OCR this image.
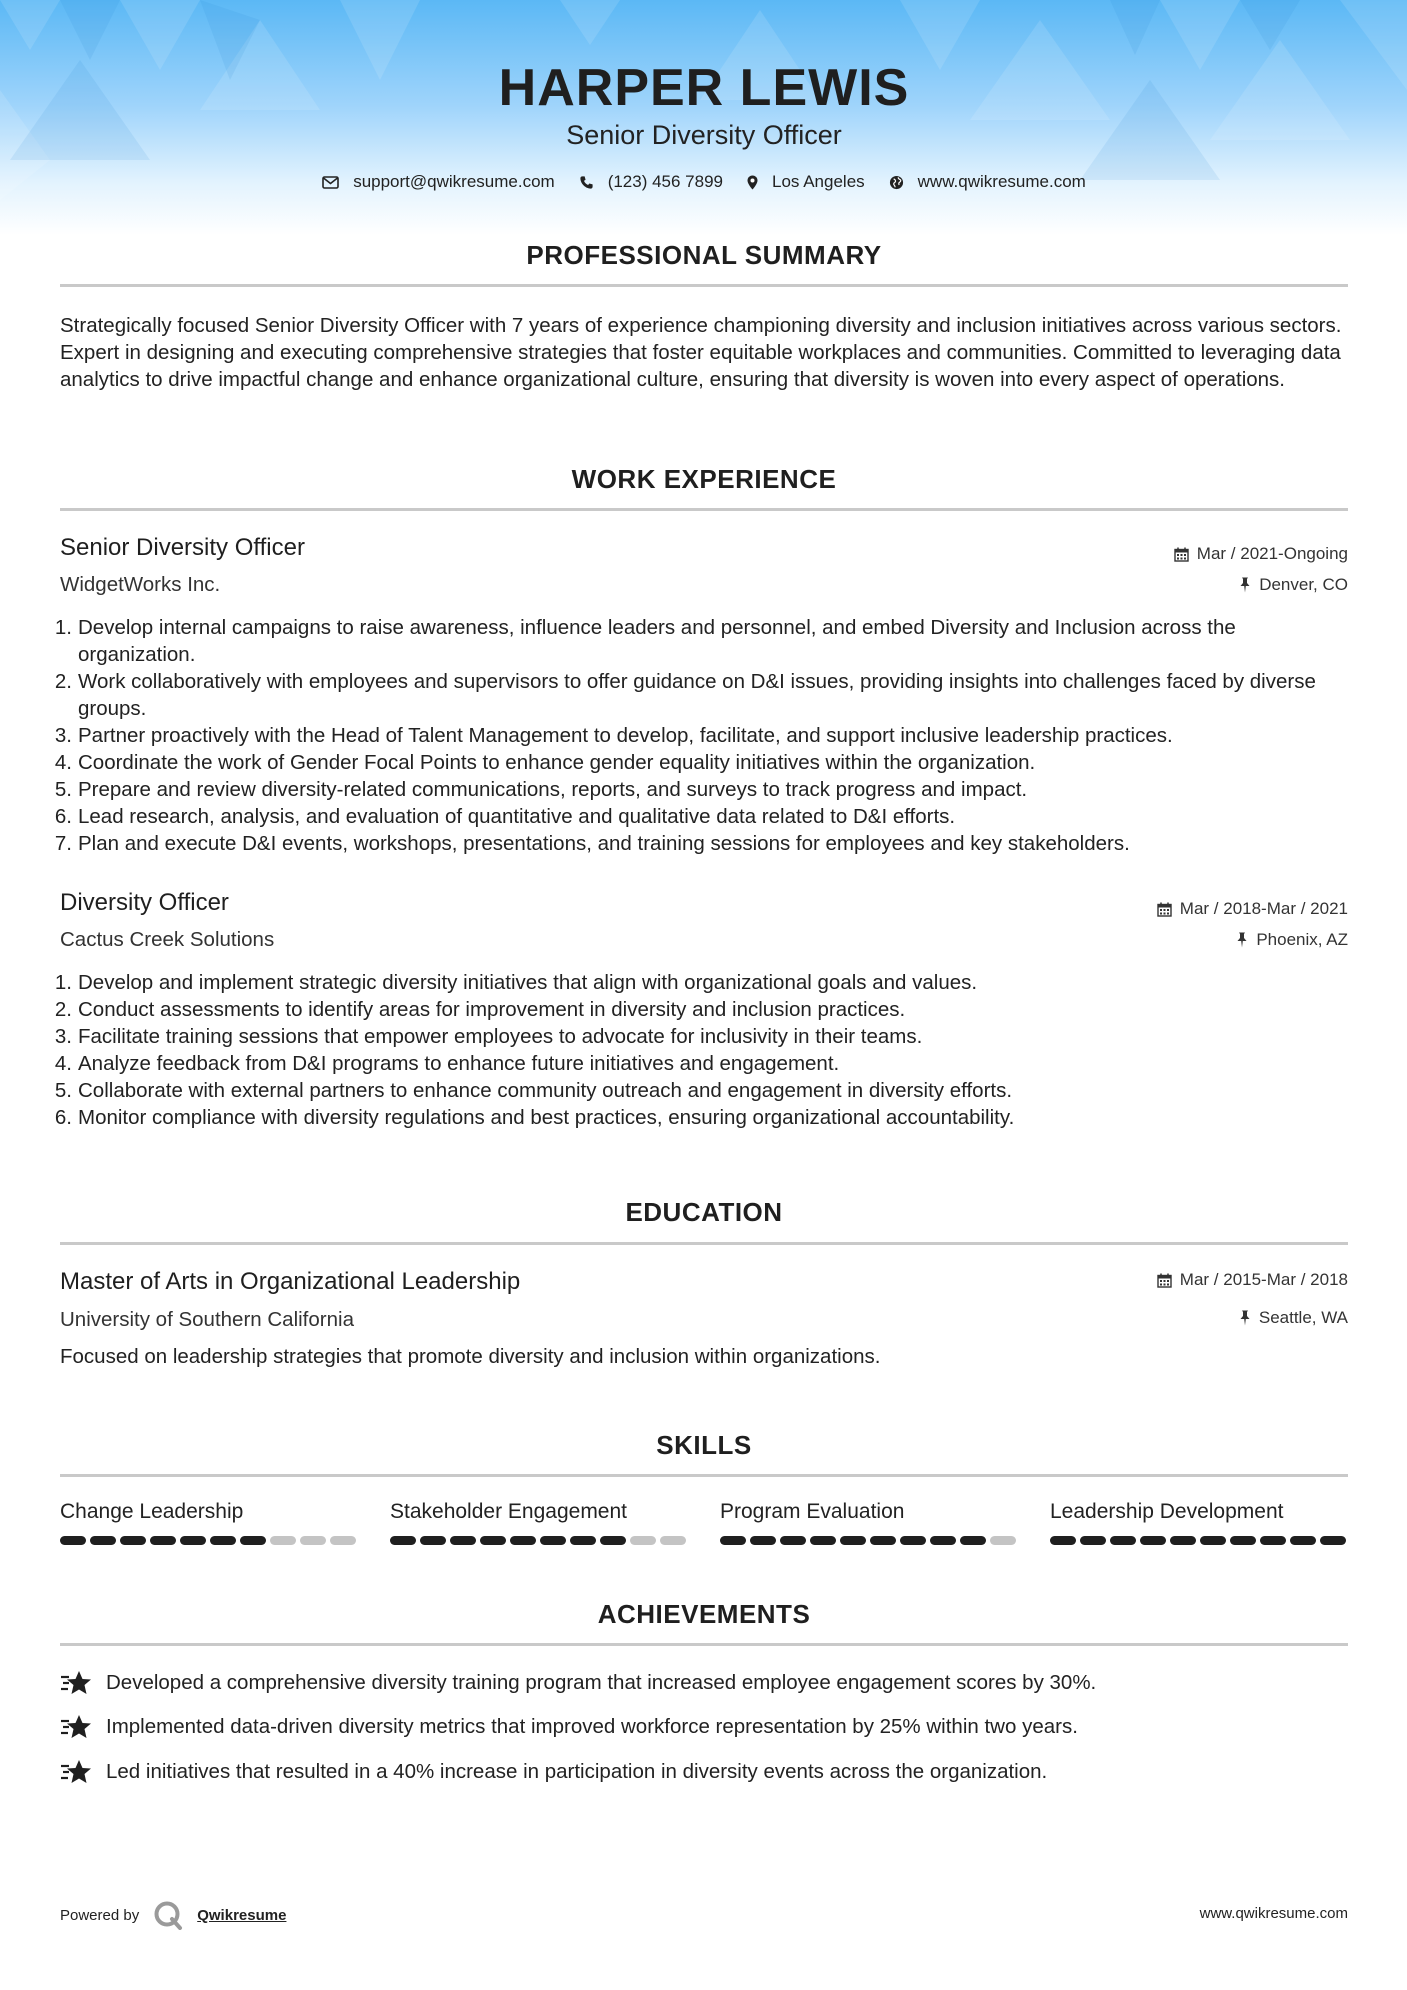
HARPER LEWIS
Senior Diversity Officer
support@qwikresume.com	(123) 456 7899	Los Angeles	www.qwikresume.com
PROFESSIONAL SUMMARY
Strategically focused Senior Diversity Officer with 7 years of experience championing diversity and inclusion initiatives across various sectors. Expert in designing and executing comprehensive strategies that foster equitable workplaces and communities. Committed to leveraging data analytics to drive impactful change and enhance organizational culture, ensuring that diversity is woven into every aspect of operations.
WORK EXPERIENCE
Senior Diversity Officer	Mar / 2021-Ongoing
WidgetWorks Inc.	Denver, CO
1. Develop internal campaigns to raise awareness, influence leaders and personnel, and embed Diversity and Inclusion across the organization.
2. Work collaboratively with employees and supervisors to offer guidance on D&I issues, providing insights into challenges faced by diverse groups.
3. Partner proactively with the Head of Talent Management to develop, facilitate, and support inclusive leadership practices.
4. Coordinate the work of Gender Focal Points to enhance gender equality initiatives within the organization.
5. Prepare and review diversity-related communications, reports, and surveys to track progress and impact.
6. Lead research, analysis, and evaluation of quantitative and qualitative data related to D&I efforts.
7. Plan and execute D&I events, workshops, presentations, and training sessions for employees and key stakeholders.
Diversity Officer	Mar / 2018-Mar / 2021
Cactus Creek Solutions	Phoenix, AZ
1. Develop and implement strategic diversity initiatives that align with organizational goals and values.
2. Conduct assessments to identify areas for improvement in diversity and inclusion practices.
3. Facilitate training sessions that empower employees to advocate for inclusivity in their teams.
4. Analyze feedback from D&I programs to enhance future initiatives and engagement.
5. Collaborate with external partners to enhance community outreach and engagement in diversity efforts.
6. Monitor compliance with diversity regulations and best practices, ensuring organizational accountability.
EDUCATION
Master of Arts in Organizational Leadership	Mar / 2015-Mar / 2018
University of Southern California	Seattle, WA
Focused on leadership strategies that promote diversity and inclusion within organizations.
SKILLS
Change Leadership	Stakeholder Engagement	Program Evaluation	Leadership Development
ACHIEVEMENTS
Developed a comprehensive diversity training program that increased employee engagement scores by 30%.
Implemented data-driven diversity metrics that improved workforce representation by 25% within two years.
Led initiatives that resulted in a 40% increase in participation in diversity events across the organization.
Powered by	Qwikresume	www.qwikresume.com
